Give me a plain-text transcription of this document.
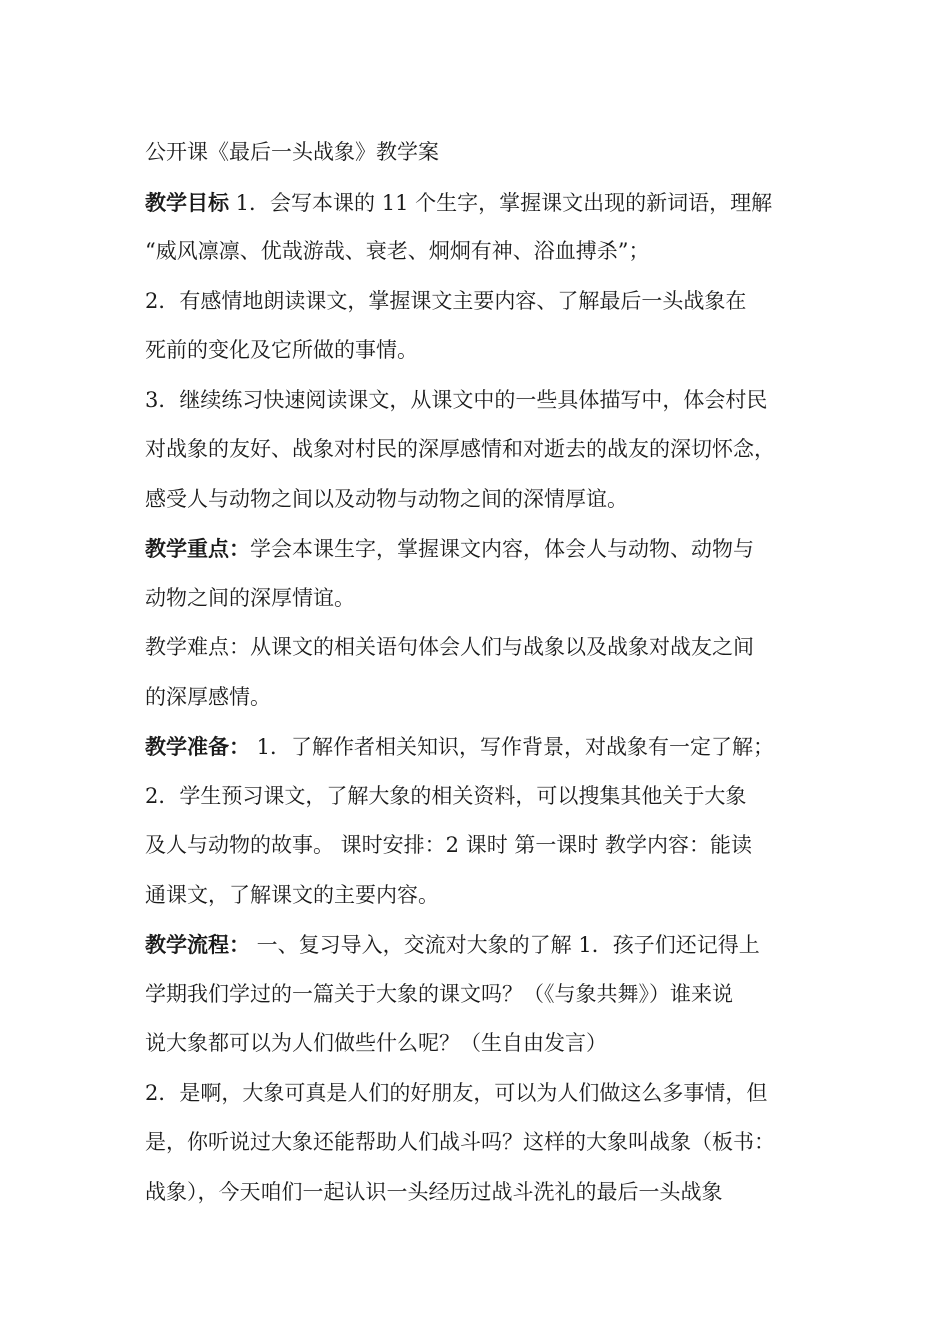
公开课《最后一头战象》教学案
教学目标 1．会写本课的 11 个生字，掌握课文出现的新词语，理解
“威风凛凛、优哉游哉、衰老、炯炯有神、浴血搏杀”；
2．有感情地朗读课文，掌握课文主要内容、了解最后一头战象在
死前的变化及它所做的事情。
3．继续练习快速阅读课文，从课文中的一些具体描写中，体会村民
对战象的友好、战象对村民的深厚感情和对逝去的战友的深切怀念，
感受人与动物之间以及动物与动物之间的深情厚谊。
教学重点：学会本课生字，掌握课文内容，体会人与动物、动物与
动物之间的深厚情谊。
教学难点：从课文的相关语句体会人们与战象以及战象对战友之间
的深厚感情。
教学准备： 1．了解作者相关知识，写作背景，对战象有一定了解；
2．学生预习课文，了解大象的相关资料，可以搜集其他关于大象
及人与动物的故事。 课时安排：2 课时 第一课时 教学内容：能读
通课文，了解课文的主要内容。
教学流程： 一、复习导入，交流对大象的了解 1．孩子们还记得上
学期我们学过的一篇关于大象的课文吗？（《与象共舞》）谁来说
说大象都可以为人们做些什么呢？（生自由发言）
2．是啊，大象可真是人们的好朋友，可以为人们做这么多事情，但
是，你听说过大象还能帮助人们战斗吗？这样的大象叫战象（板书：
战象），今天咱们一起认识一头经历过战斗洗礼的最后一头战象
